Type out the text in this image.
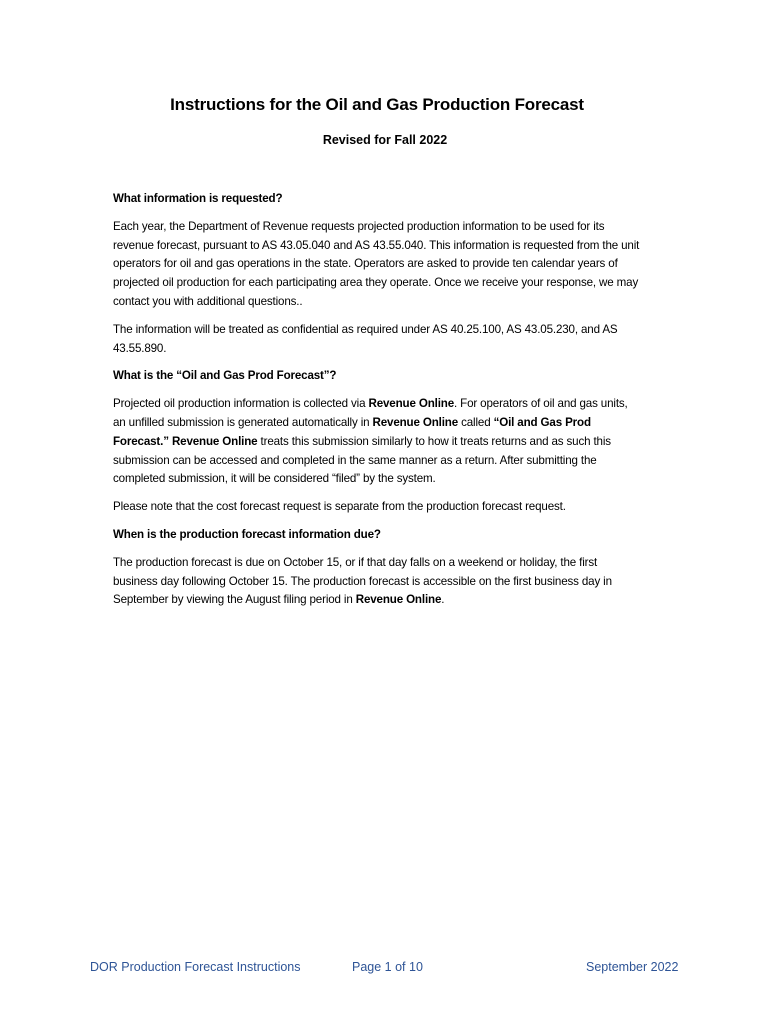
Instructions for the Oil and Gas Production Forecast
Revised for Fall 2022
What information is requested?

Each year, the Department of Revenue requests projected production information to be used for its revenue forecast, pursuant to AS 43.05.040 and AS 43.55.040. This information is requested from the unit operators for oil and gas operations in the state. Operators are asked to provide ten calendar years of projected oil production for each participating area they operate. Once we receive your response, we may contact you with additional questions..

The information will be treated as confidential as required under AS 40.25.100, AS 43.05.230, and AS 43.55.890.

What is the “Oil and Gas Prod Forecast”?

Projected oil production information is collected via Revenue Online. For operators of oil and gas units, an unfilled submission is generated automatically in Revenue Online called “Oil and Gas Prod Forecast.” Revenue Online treats this submission similarly to how it treats returns and as such this submission can be accessed and completed in the same manner as a return. After submitting the completed submission, it will be considered “filed” by the system.

Please note that the cost forecast request is separate from the production forecast request.

When is the production forecast information due?

The production forecast is due on October 15, or if that day falls on a weekend or holiday, the first business day following October 15. The production forecast is accessible on the first business day in September by viewing the August filing period in Revenue Online.

DOR Production Forecast Instructions	Page 1 of 10	September 2022
